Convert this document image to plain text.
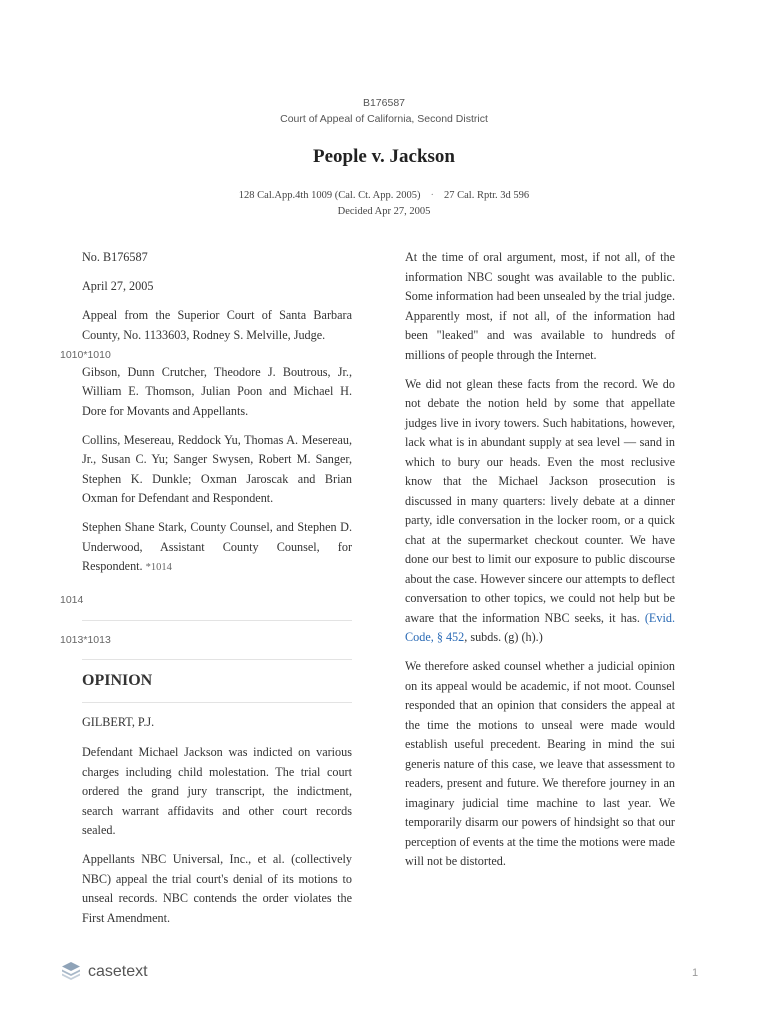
B176587
Court of Appeal of California, Second District
People v. Jackson
128 Cal.App.4th 1009 (Cal. Ct. App. 2005) · 27 Cal. Rptr. 3d 596
Decided Apr 27, 2005

No. B176587

April 27, 2005

Appeal from the Superior Court of Santa Barbara County, No. 1133603, Rodney S. Melville, Judge.

Gibson, Dunn Crutcher, Theodore J. Boutrous, Jr., William E. Thomson, Julian Poon and Michael H. Dore for Movants and Appellants.

Collins, Mesereau, Reddock Yu, Thomas A. Mesereau, Jr., Susan C. Yu; Sanger Swysen, Robert M. Sanger, Stephen K. Dunkle; Oxman Jaroscak and Brian Oxman for Defendant and Respondent.

Stephen Shane Stark, County Counsel, and Stephen D. Underwood, Assistant County Counsel, for Respondent. *1014

1010*1010
1014
1013*1013
OPINION
GILBERT, P.J.

Defendant Michael Jackson was indicted on various charges including child molestation. The trial court ordered the grand jury transcript, the indictment, search warrant affidavits and other court records sealed.

Appellants NBC Universal, Inc., et al. (collectively NBC) appeal the trial court's denial of its motions to unseal records. NBC contends the order violates the First Amendment.

At the time of oral argument, most, if not all, of the information NBC sought was available to the public. Some information had been unsealed by the trial judge. Apparently most, if not all, of the information had been "leaked" and was available to hundreds of millions of people through the Internet.

We did not glean these facts from the record. We do not debate the notion held by some that appellate judges live in ivory towers. Such habitations, however, lack what is in abundant supply at sea level — sand in which to bury our heads. Even the most reclusive know that the Michael Jackson prosecution is discussed in many quarters: lively debate at a dinner party, idle conversation in the locker room, or a quick chat at the supermarket checkout counter. We have done our best to limit our exposure to public discourse about the case. However sincere our attempts to deflect conversation to other topics, we could not help but be aware that the information NBC seeks, it has. (Evid. Code, § 452, subds. (g) (h).)

We therefore asked counsel whether a judicial opinion on its appeal would be academic, if not moot. Counsel responded that an opinion that considers the appeal at the time the motions to unseal were made would establish useful precedent. Bearing in mind the sui generis nature of this case, we leave that assessment to readers, present and future. We therefore journey in an imaginary judicial time machine to last year. We temporarily disarm our powers of hindsight so that our perception of events at the time the motions were made will not be distorted.

casetext	1
